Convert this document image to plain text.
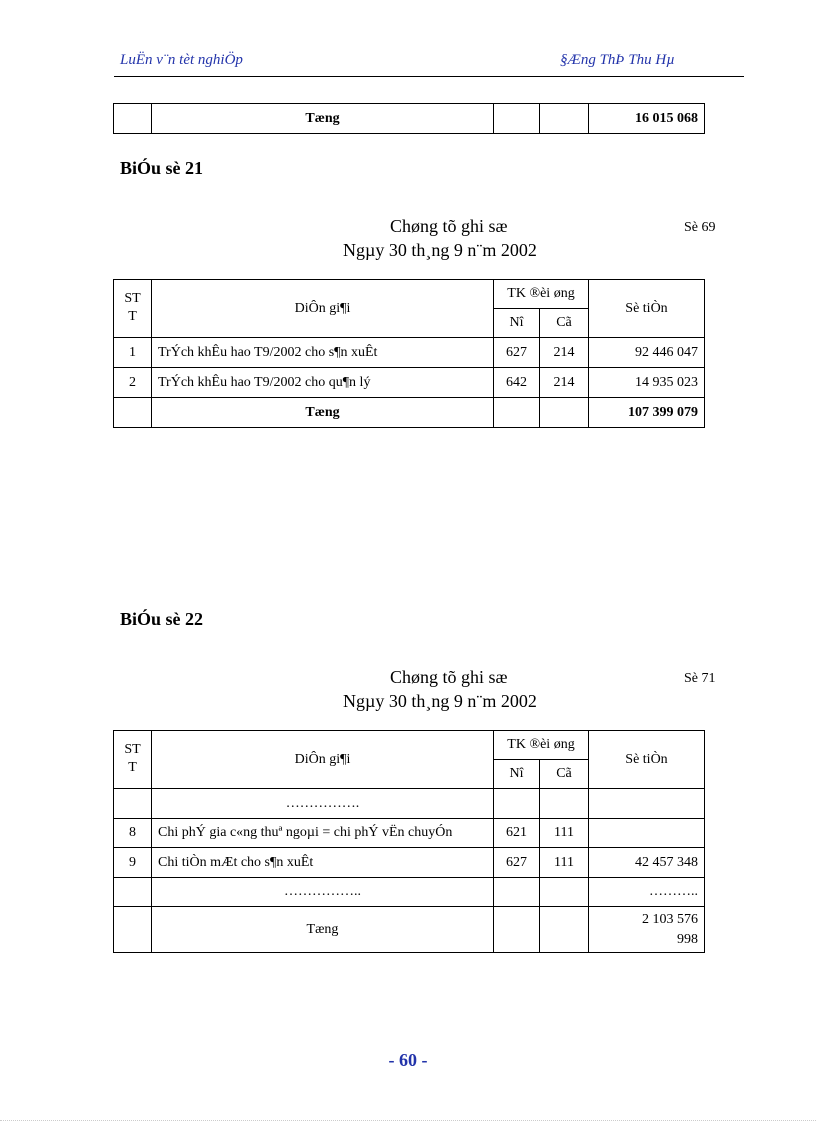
LuËn v¨n tèt nghiÖp	§Æng ThÞ Thu Hµ
	Tæng			16 015 068
BiÓu sè 21
Chøng tõ ghi sæ	Sè 69
Ngµy 30 th¸ng 9 n¨m 2002
ST T	DiÔn gi¶i	TK ®èi øng		Sè tiÒn
		Nî	Cã	
1	TrÝch khÊu hao T9/2002 cho s¶n xuÊt	627	214	92 446 047
2	TrÝch khÊu hao T9/2002 cho qu¶n lý	642	214	14 935 023
	Tæng			107 399 079
BiÓu sè 22
Chøng tõ ghi sæ	Sè 71
Ngµy 30 th¸ng 9 n¨m 2002
ST T	DiÔn gi¶i	TK ®èi øng		Sè tiÒn
		Nî	Cã	
	…………….			
8	Chi phÝ gia c«ng thuª ngoµi = chi phÝ vËn chuyÓn	621	111	
9	Chi tiÒn mÆt cho s¶n xuÊt	627	111	42 457 348
	……………..			………..
	Tæng			2 103 576
998
- 60 -
